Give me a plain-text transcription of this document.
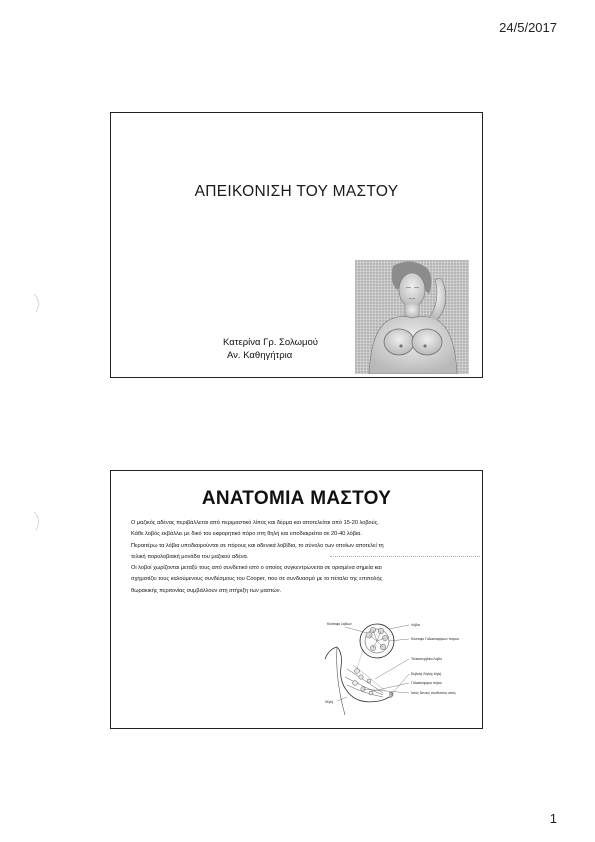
24/5/2017
ΑΠΕΙΚΟΝΙΣΗ ΤΟΥ ΜΑΣΤΟΥ
Κατερίνα Γρ. Σολωμού
Αν. Καθηγήτρια
ΑΝΑΤΟΜΙΑ ΜΑΣΤΟΥ

Ο μαζικός αδένας περιβάλλεται από περιμαστικό λίπος και δέρμα και αποτελείται από 15-20 λοβούς.

Κάθε λοβός εκβάλλει με δικό του εκφορητικό πόρο στη θηλή και υποδιαιρείται σε 20-40 λόβια.

Περαιτέρω τα λόβια υποδιαιρούνται σε πόρους και αδενικά λοβίδια, το σύνολο των οποίων αποτελεί τη

τελική πορολοβιακή μονάδα του μαζικού αδένα.

Οι λοβοί χωρίζονται μεταξύ τους από συνδετικό ιστό ο οποίος συγκεντρώνεται σε ορισμένα σημεία και

σχηματίζει τους καλούμενους συνδέσμους του Cooper, που σε συνδυασμό με το πέταλο της επιπολής

θωρακικής περιτονίας συμβάλλουν στη στήριξη των μαστών.

Κύστεφο λοβίων	Λόβια
Κύστεφο Γαλακτοφόρων πόρων
Τελικοπορβάκι Λοβίο
Εκβολή Θηλής θηλή
Γαλακτοφόροι πόροι
Ιστός λίπους συνδετικός ιστός
Θηλή
1
